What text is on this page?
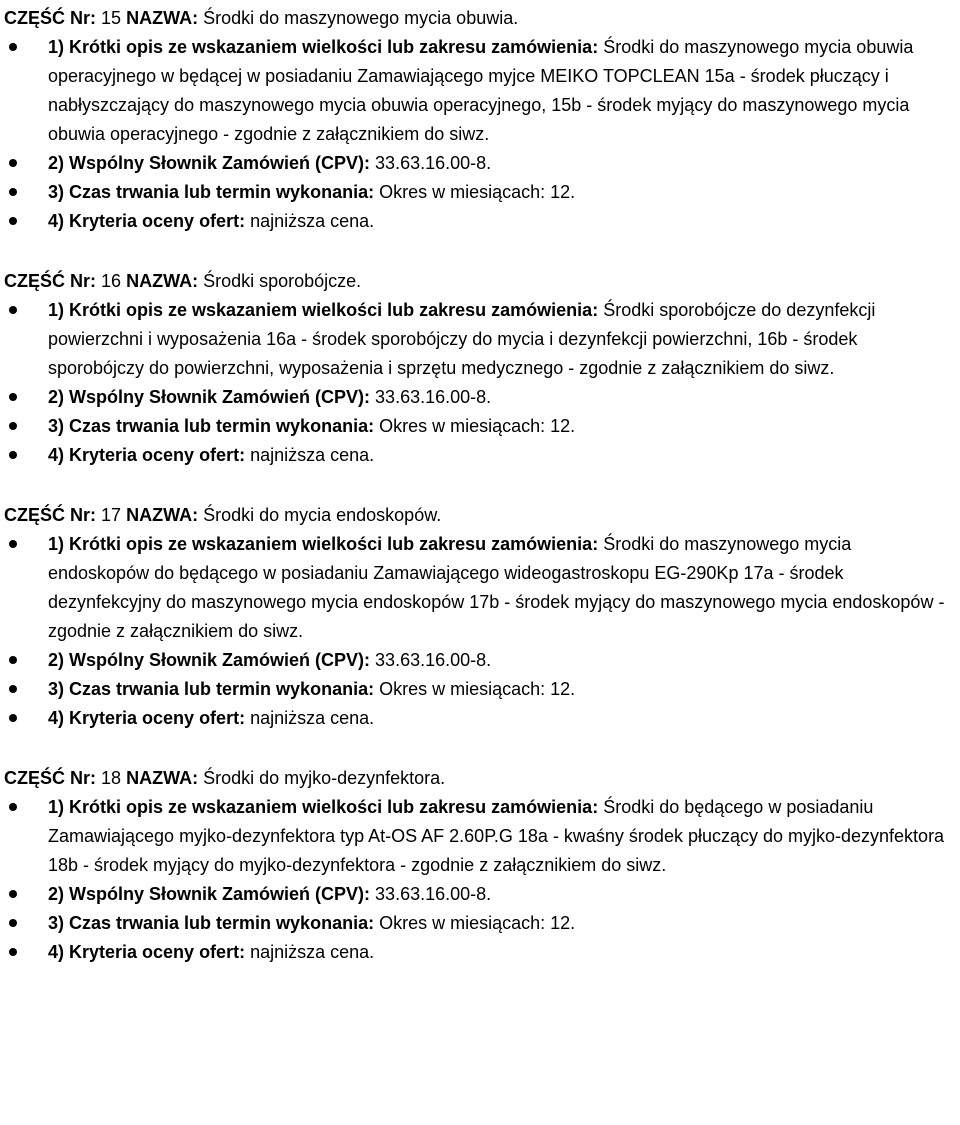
CZĘŚĆ Nr: 15 NAZWA: Środki do maszynowego mycia obuwia.
1) Krótki opis ze wskazaniem wielkości lub zakresu zamówienia: Środki do maszynowego mycia obuwia operacyjnego w będącej w posiadaniu Zamawiającego myjce MEIKO TOPCLEAN 15a - środek płuczący i nabłyszczający do maszynowego mycia obuwia operacyjnego, 15b - środek myjący do maszynowego mycia obuwia operacyjnego - zgodnie z załącznikiem do siwz.
2) Wspólny Słownik Zamówień (CPV): 33.63.16.00-8.
3) Czas trwania lub termin wykonania: Okres w miesiącach: 12.
4) Kryteria oceny ofert: najniższa cena.
CZĘŚĆ Nr: 16 NAZWA: Środki sporobójcze.
1) Krótki opis ze wskazaniem wielkości lub zakresu zamówienia: Środki sporobójcze do dezynfekcji powierzchni i wyposażenia 16a - środek sporobójczy do mycia i dezynfekcji powierzchni, 16b - środek sporobójczy do powierzchni, wyposażenia i sprzętu medycznego - zgodnie z załącznikiem do siwz.
2) Wspólny Słownik Zamówień (CPV): 33.63.16.00-8.
3) Czas trwania lub termin wykonania: Okres w miesiącach: 12.
4) Kryteria oceny ofert: najniższa cena.
CZĘŚĆ Nr: 17 NAZWA: Środki do mycia endoskopów.
1) Krótki opis ze wskazaniem wielkości lub zakresu zamówienia: Środki do maszynowego mycia endoskopów do będącego w posiadaniu Zamawiającego wideogastroskopu EG-290Kp 17a - środek dezynfekcyjny do maszynowego mycia endoskopów 17b - środek myjący do maszynowego mycia endoskopów - zgodnie z załącznikiem do siwz.
2) Wspólny Słownik Zamówień (CPV): 33.63.16.00-8.
3) Czas trwania lub termin wykonania: Okres w miesiącach: 12.
4) Kryteria oceny ofert: najniższa cena.
CZĘŚĆ Nr: 18 NAZWA: Środki do myjko-dezynfektora.
1) Krótki opis ze wskazaniem wielkości lub zakresu zamówienia: Środki do będącego w posiadaniu Zamawiającego myjko-dezynfektora typ At-OS AF 2.60P.G 18a - kwaśny środek płuczący do myjko-dezynfektora 18b - środek myjący do myjko-dezynfektora - zgodnie z załącznikiem do siwz.
2) Wspólny Słownik Zamówień (CPV): 33.63.16.00-8.
3) Czas trwania lub termin wykonania: Okres w miesiącach: 12.
4) Kryteria oceny ofert: najniższa cena.
